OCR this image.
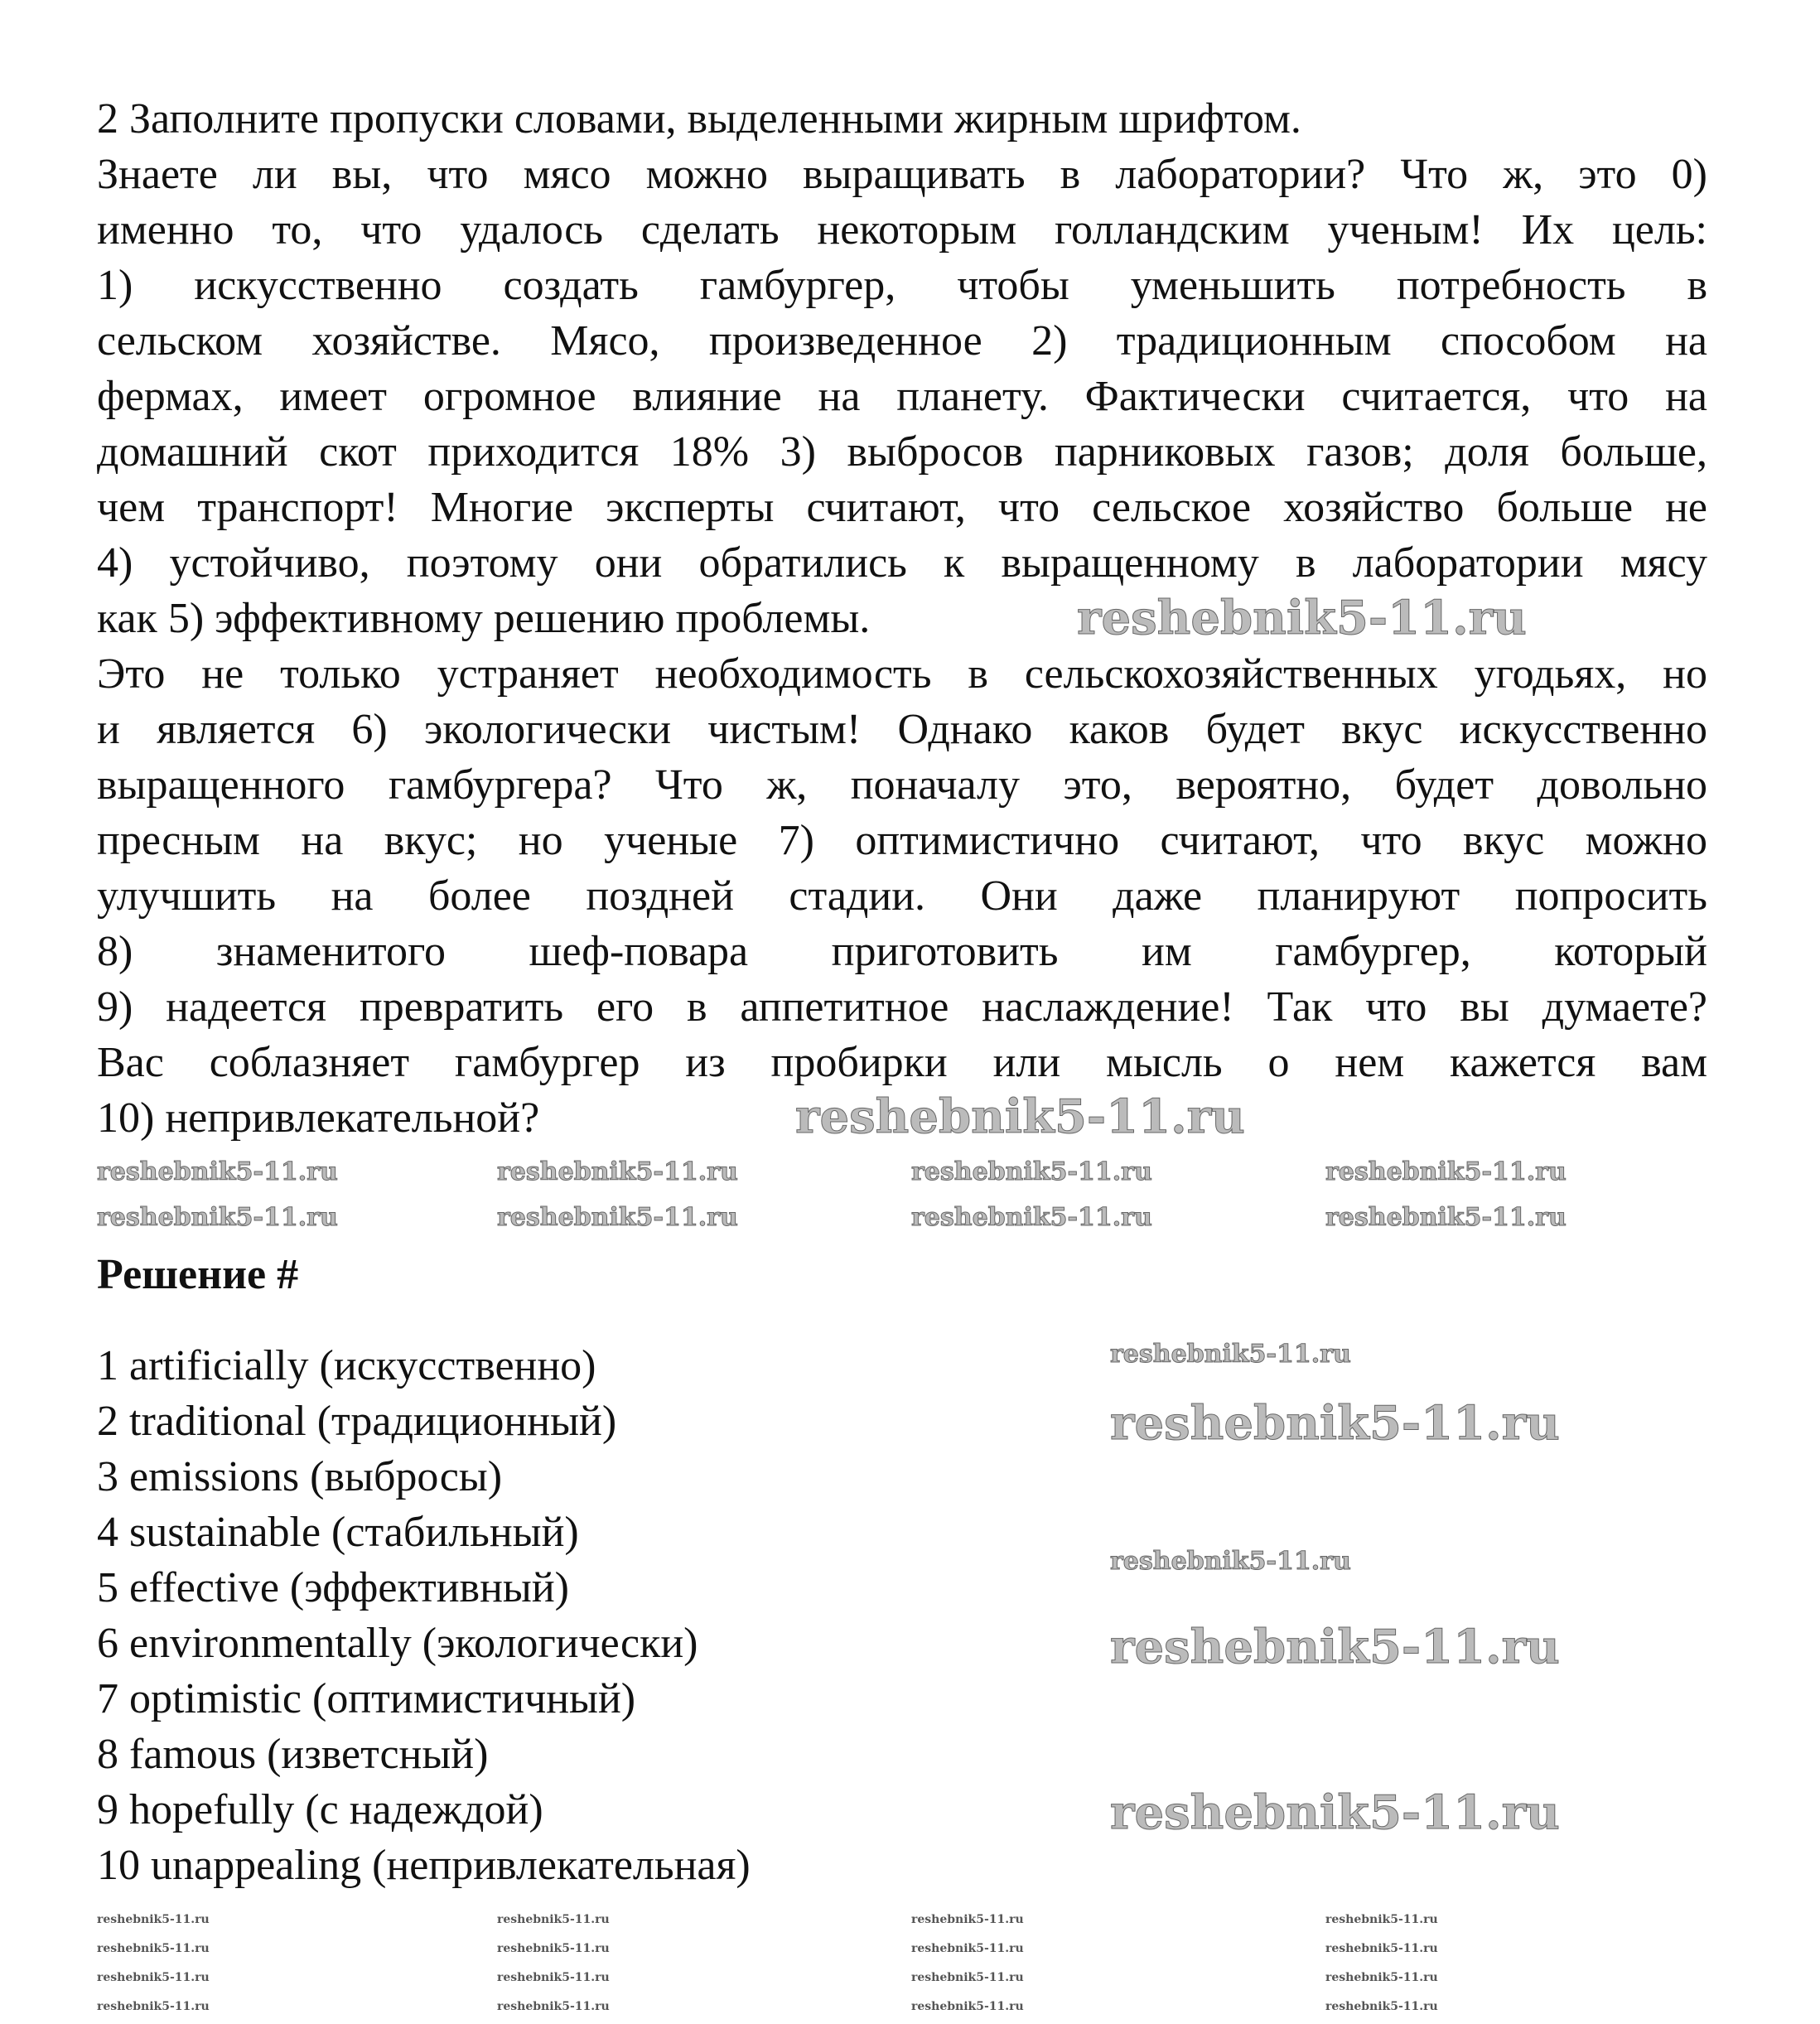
2 Заполните пропуски словами, выделенными жирным шрифтом.
Знаете ли вы, что мясо можно выращивать в лаборатории? Что ж, это 0)
именно то, что удалось сделать некоторым голландским ученым! Их цель:
1) искусственно создать гамбургер, чтобы уменьшить потребность в
сельском хозяйстве. Мясо, произведенное 2) традиционным способом на
фермах, имеет огромное влияние на планету. Фактически считается, что на
домашний скот приходится 18% 3) выбросов парниковых газов; доля больше,
чем транспорт! Многие эксперты считают, что сельское хозяйство больше не
4) устойчиво, поэтому они обратились к выращенному в лаборатории мясу
как 5) эффективному решению проблемы.
Это не только устраняет необходимость в сельскохозяйственных угодьях, но
и является 6) экологически чистым! Однако каков будет вкус искусственно
выращенного гамбургера? Что ж, поначалу это, вероятно, будет довольно
пресным на вкус; но ученые 7) оптимистично считают, что вкус можно
улучшить на более поздней стадии. Они даже планируют попросить
8) знаменитого шеф-повара приготовить им гамбургер, который
9) надеется превратить его в аппетитное наслаждение! Так что вы думаете?
Вас соблазняет гамбургер из пробирки или мысль о нем кажется вам
10) непривлекательной?
Решение #
1 artificially (искусственно)
2 traditional (традиционный)
3 emissions (выбросы)
4 sustainable (стабильный)
5 effective (эффективный)
6 environmentally (экологически)
7 optimistic (оптимистичный)
8 famous (изветсный)
9 hopefully (с надеждой)
10 unappealing (непривлекательная)
reshebnik5-11.ru
reshebnik5-11.ru
reshebnik5-11.ru
reshebnik5-11.ru
reshebnik5-11.ru
reshebnik5-11.ru	reshebnik5-11.ru	reshebnik5-11.ru	reshebnik5-11.ru
reshebnik5-11.ru	reshebnik5-11.ru	reshebnik5-11.ru	reshebnik5-11.ru
reshebnik5-11.ru
reshebnik5-11.ru
reshebnik5-11.ru	reshebnik5-11.ru	reshebnik5-11.ru	reshebnik5-11.ru
reshebnik5-11.ru	reshebnik5-11.ru	reshebnik5-11.ru	reshebnik5-11.ru
reshebnik5-11.ru	reshebnik5-11.ru	reshebnik5-11.ru	reshebnik5-11.ru
reshebnik5-11.ru	reshebnik5-11.ru	reshebnik5-11.ru	reshebnik5-11.ru
